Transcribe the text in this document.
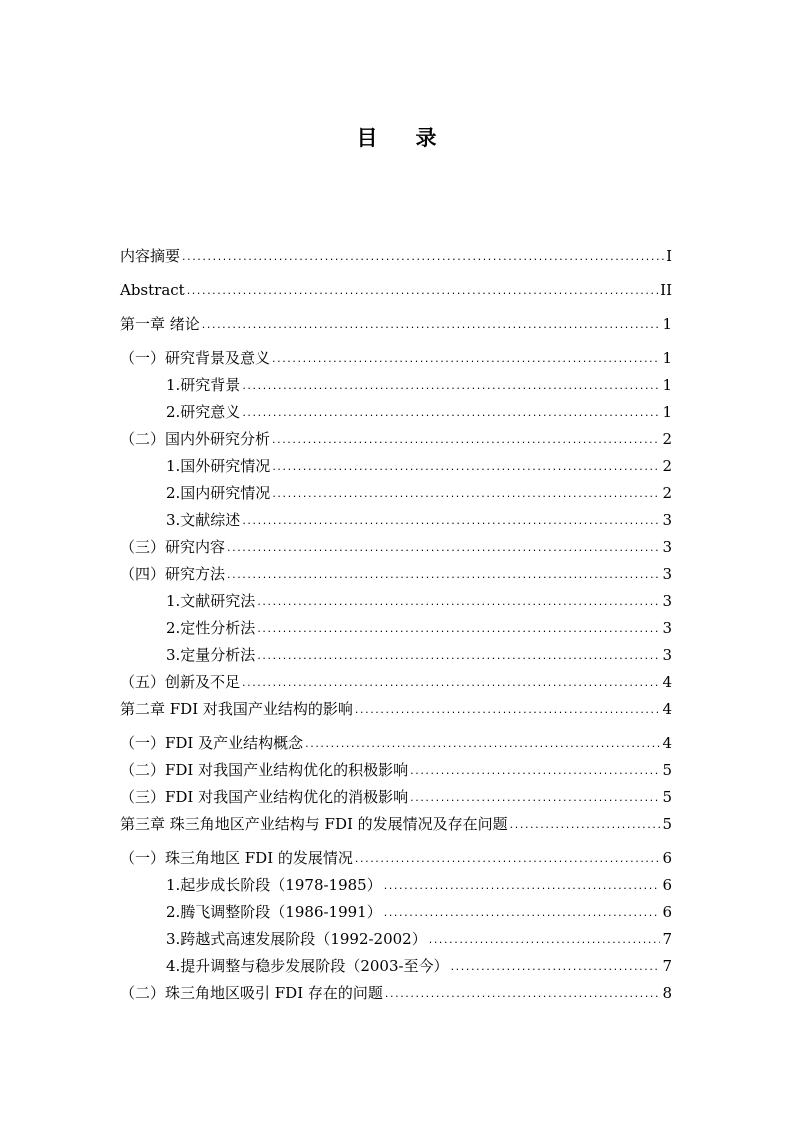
目 录
内容摘要 .....	I
Abstract .....	II
第一章 绪论 .....	1
（一）研究背景及意义 .....	1
1.研究背景 .....	1
2.研究意义 .....	1
（二）国内外研究分析 .....	2
1.国外研究情况 .....	2
2.国内研究情况 .....	2
3.文献综述 .....	3
（三）研究内容 .....	3
（四）研究方法 .....	3
1.文献研究法 .....	3
2.定性分析法 .....	3
3.定量分析法 .....	3
（五）创新及不足 .....	4
第二章 FDI 对我国产业结构的影响 .....	4
（一）FDI 及产业结构概念 .....	4
（二）FDI 对我国产业结构优化的积极影响 .....	5
（三）FDI 对我国产业结构优化的消极影响 .....	5
第三章 珠三角地区产业结构与 FDI 的发展情况及存在问题 .....	5
（一）珠三角地区 FDI 的发展情况 .....	6
1.起步成长阶段（1978-1985） .....	6
2.腾飞调整阶段（1986-1991） .....	6
3.跨越式高速发展阶段（1992-2002） .....	7
4.提升调整与稳步发展阶段（2003-至今） .....	7
（二）珠三角地区吸引 FDI 存在的问题 .....	8
